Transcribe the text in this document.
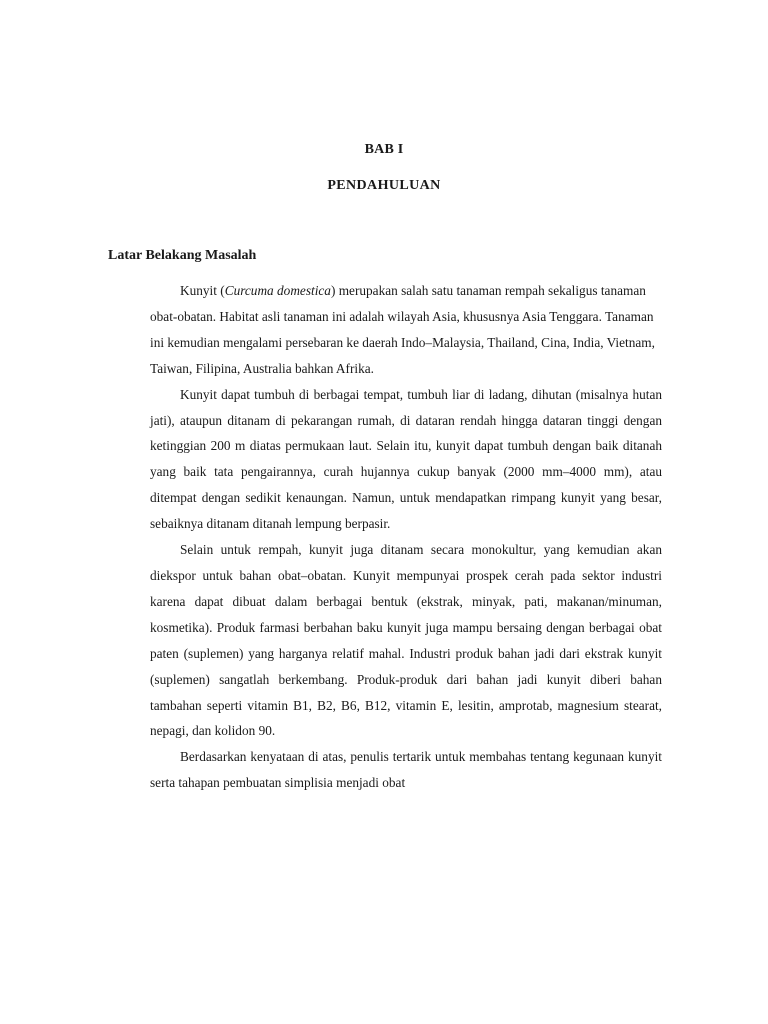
BAB I
PENDAHULUAN
Latar Belakang Masalah

Kunyit (Curcuma domestica) merupakan salah satu tanaman rempah sekaligus tanaman obat-obatan. Habitat asli tanaman ini adalah wilayah Asia, khususnya Asia Tenggara. Tanaman ini kemudian mengalami persebaran ke daerah Indo–Malaysia, Thailand, Cina, India, Vietnam, Taiwan, Filipina, Australia bahkan Afrika.

Kunyit dapat tumbuh di berbagai tempat, tumbuh liar di ladang, dihutan (misalnya hutan jati), ataupun ditanam di pekarangan rumah, di dataran rendah hingga dataran tinggi dengan ketinggian 200 m diatas permukaan laut. Selain itu, kunyit dapat tumbuh dengan baik ditanah yang baik tata pengairannya, curah hujannya cukup banyak (2000 mm–4000 mm), atau ditempat dengan sedikit kenaungan. Namun, untuk mendapatkan rimpang kunyit yang besar, sebaiknya ditanam ditanah lempung berpasir.

Selain untuk rempah, kunyit juga ditanam secara monokultur, yang kemudian akan diekspor untuk bahan obat–obatan. Kunyit mempunyai prospek cerah pada sektor industri karena dapat dibuat dalam berbagai bentuk (ekstrak, minyak, pati, makanan/minuman, kosmetika). Produk farmasi berbahan baku kunyit juga mampu bersaing dengan berbagai obat paten (suplemen) yang harganya relatif mahal. Industri produk bahan jadi dari ekstrak kunyit (suplemen) sangatlah berkembang. Produk-produk dari bahan jadi kunyit diberi bahan tambahan seperti vitamin B1, B2, B6, B12, vitamin E, lesitin, amprotab, magnesium stearat, nepagi, dan kolidon 90.

Berdasarkan kenyataan di atas, penulis tertarik untuk membahas tentang kegunaan kunyit serta tahapan pembuatan simplisia menjadi obat
